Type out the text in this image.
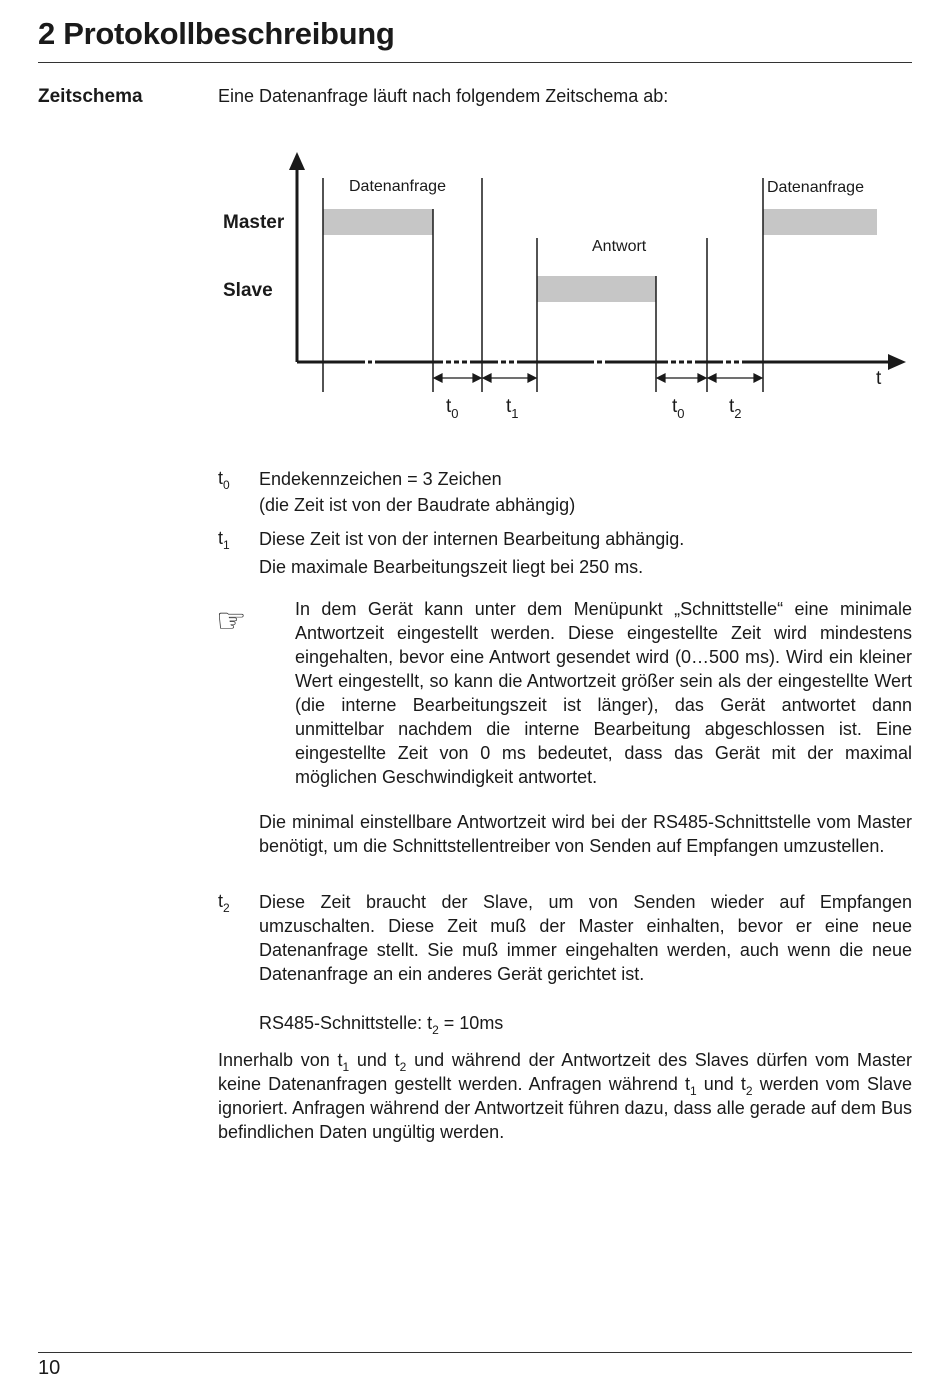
2 Protokollbeschreibung
Zeitschema	Eine Datenanfrage läuft nach folgendem Zeitschema ab:
Master
Slave
Datenanfrage
Antwort
Datenanfrage
t
$t_0$ $t_1$	$t_0$ $t_2$
$t_0$ Endekennzeichen = 3 Zeichen
(die Zeit ist von der Baudrate abhängig)
$t_1$ Diese Zeit ist von der internen Bearbeitung abhängig.
Die maximale Bearbeitungszeit liegt bei 250 ms.
☞	In dem Gerät kann unter dem Menüpunkt „Schnittstelle“ eine minimale Antwortzeit eingestellt werden. Diese eingestellte Zeit wird mindestens eingehalten, bevor eine Antwort gesendet wird (0…500 ms). Wird ein kleiner Wert eingestellt, so kann die Antwortzeit größer sein als der eingestellte Wert (die interne Bearbeitungszeit ist länger), das Gerät antwortet dann unmittelbar nachdem die interne Bearbeitung abgeschlossen ist. Eine eingestellte Zeit von 0 ms bedeutet, dass das Gerät mit der maximal möglichen Geschwindigkeit antwortet.
Die minimal einstellbare Antwortzeit wird bei der RS485-Schnittstelle vom Master benötigt, um die Schnittstellentreiber von Senden auf Empfangen umzustellen.
$t_2$ Diese Zeit braucht der Slave, um von Senden wieder auf Empfangen umzuschalten. Diese Zeit muß der Master einhalten, bevor er eine neue Datenanfrage stellt. Sie muß immer eingehalten werden, auch wenn die neue Datenanfrage an ein anderes Gerät gerichtet ist.
RS485-Schnittstelle: $t_2 = 10ms$
Innerhalb von $t_1$ und $t_2$ und während der Antwortzeit des Slaves dürfen vom Master keine Datenanfragen gestellt werden. Anfragen während $t_1$ und $t_2$ werden vom Slave ignoriert. Anfragen während der Antwortzeit führen dazu, dass alle gerade auf dem Bus befindlichen Daten ungültig werden.
10
